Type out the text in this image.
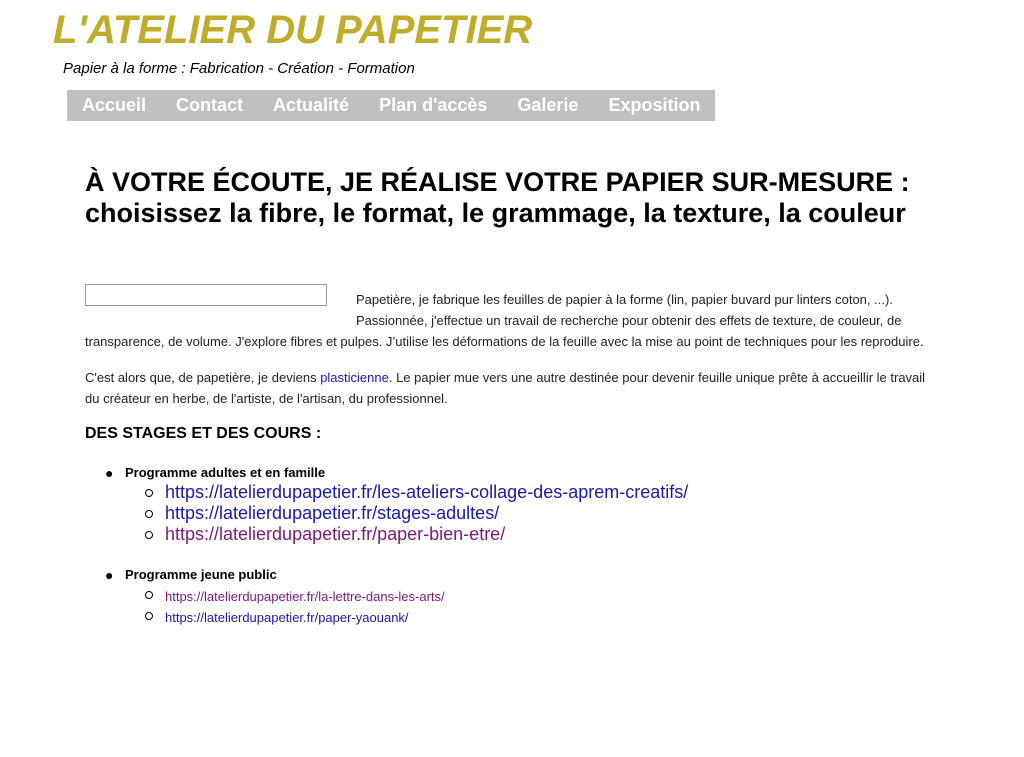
L'ATELIER DU PAPETIER
Papier à la forme : Fabrication - Création - Formation
Accueil	Contact	Actualité	Plan d'accès	Galerie	Exposition
À VOTRE ÉCOUTE, JE RÉALISE VOTRE PAPIER SUR-MESURE :
choisissez la fibre, le format, le grammage, la texture, la couleur
Papetière, je fabrique les feuilles de papier à la forme (lin, papier buvard pur linters coton, ...).
Passionnée, j'effectue un travail de recherche pour obtenir des effets de texture, de couleur, de
transparence, de volume. J'explore fibres et pulpes. J’utilise les déformations de la feuille avec la mise au point de techniques pour les reproduire.
C'est alors que, de papetière, je deviens plasticienne. Le papier mue vers une autre destinée pour devenir feuille unique prête à accueillir le travail du créateur en herbe, de l'artiste, de l'artisan, du professionnel.
DES STAGES ET DES COURS :
● Programme adultes et en famille
https://latelierdupapetier.fr/les-ateliers-collage-des-aprem-creatifs/
https://latelierdupapetier.fr/stages-adultes/
https://latelierdupapetier.fr/paper-bien-etre/
● Programme jeune public
https://latelierdupapetier.fr/la-lettre-dans-les-arts/
https://latelierdupapetier.fr/paper-yaouank/
